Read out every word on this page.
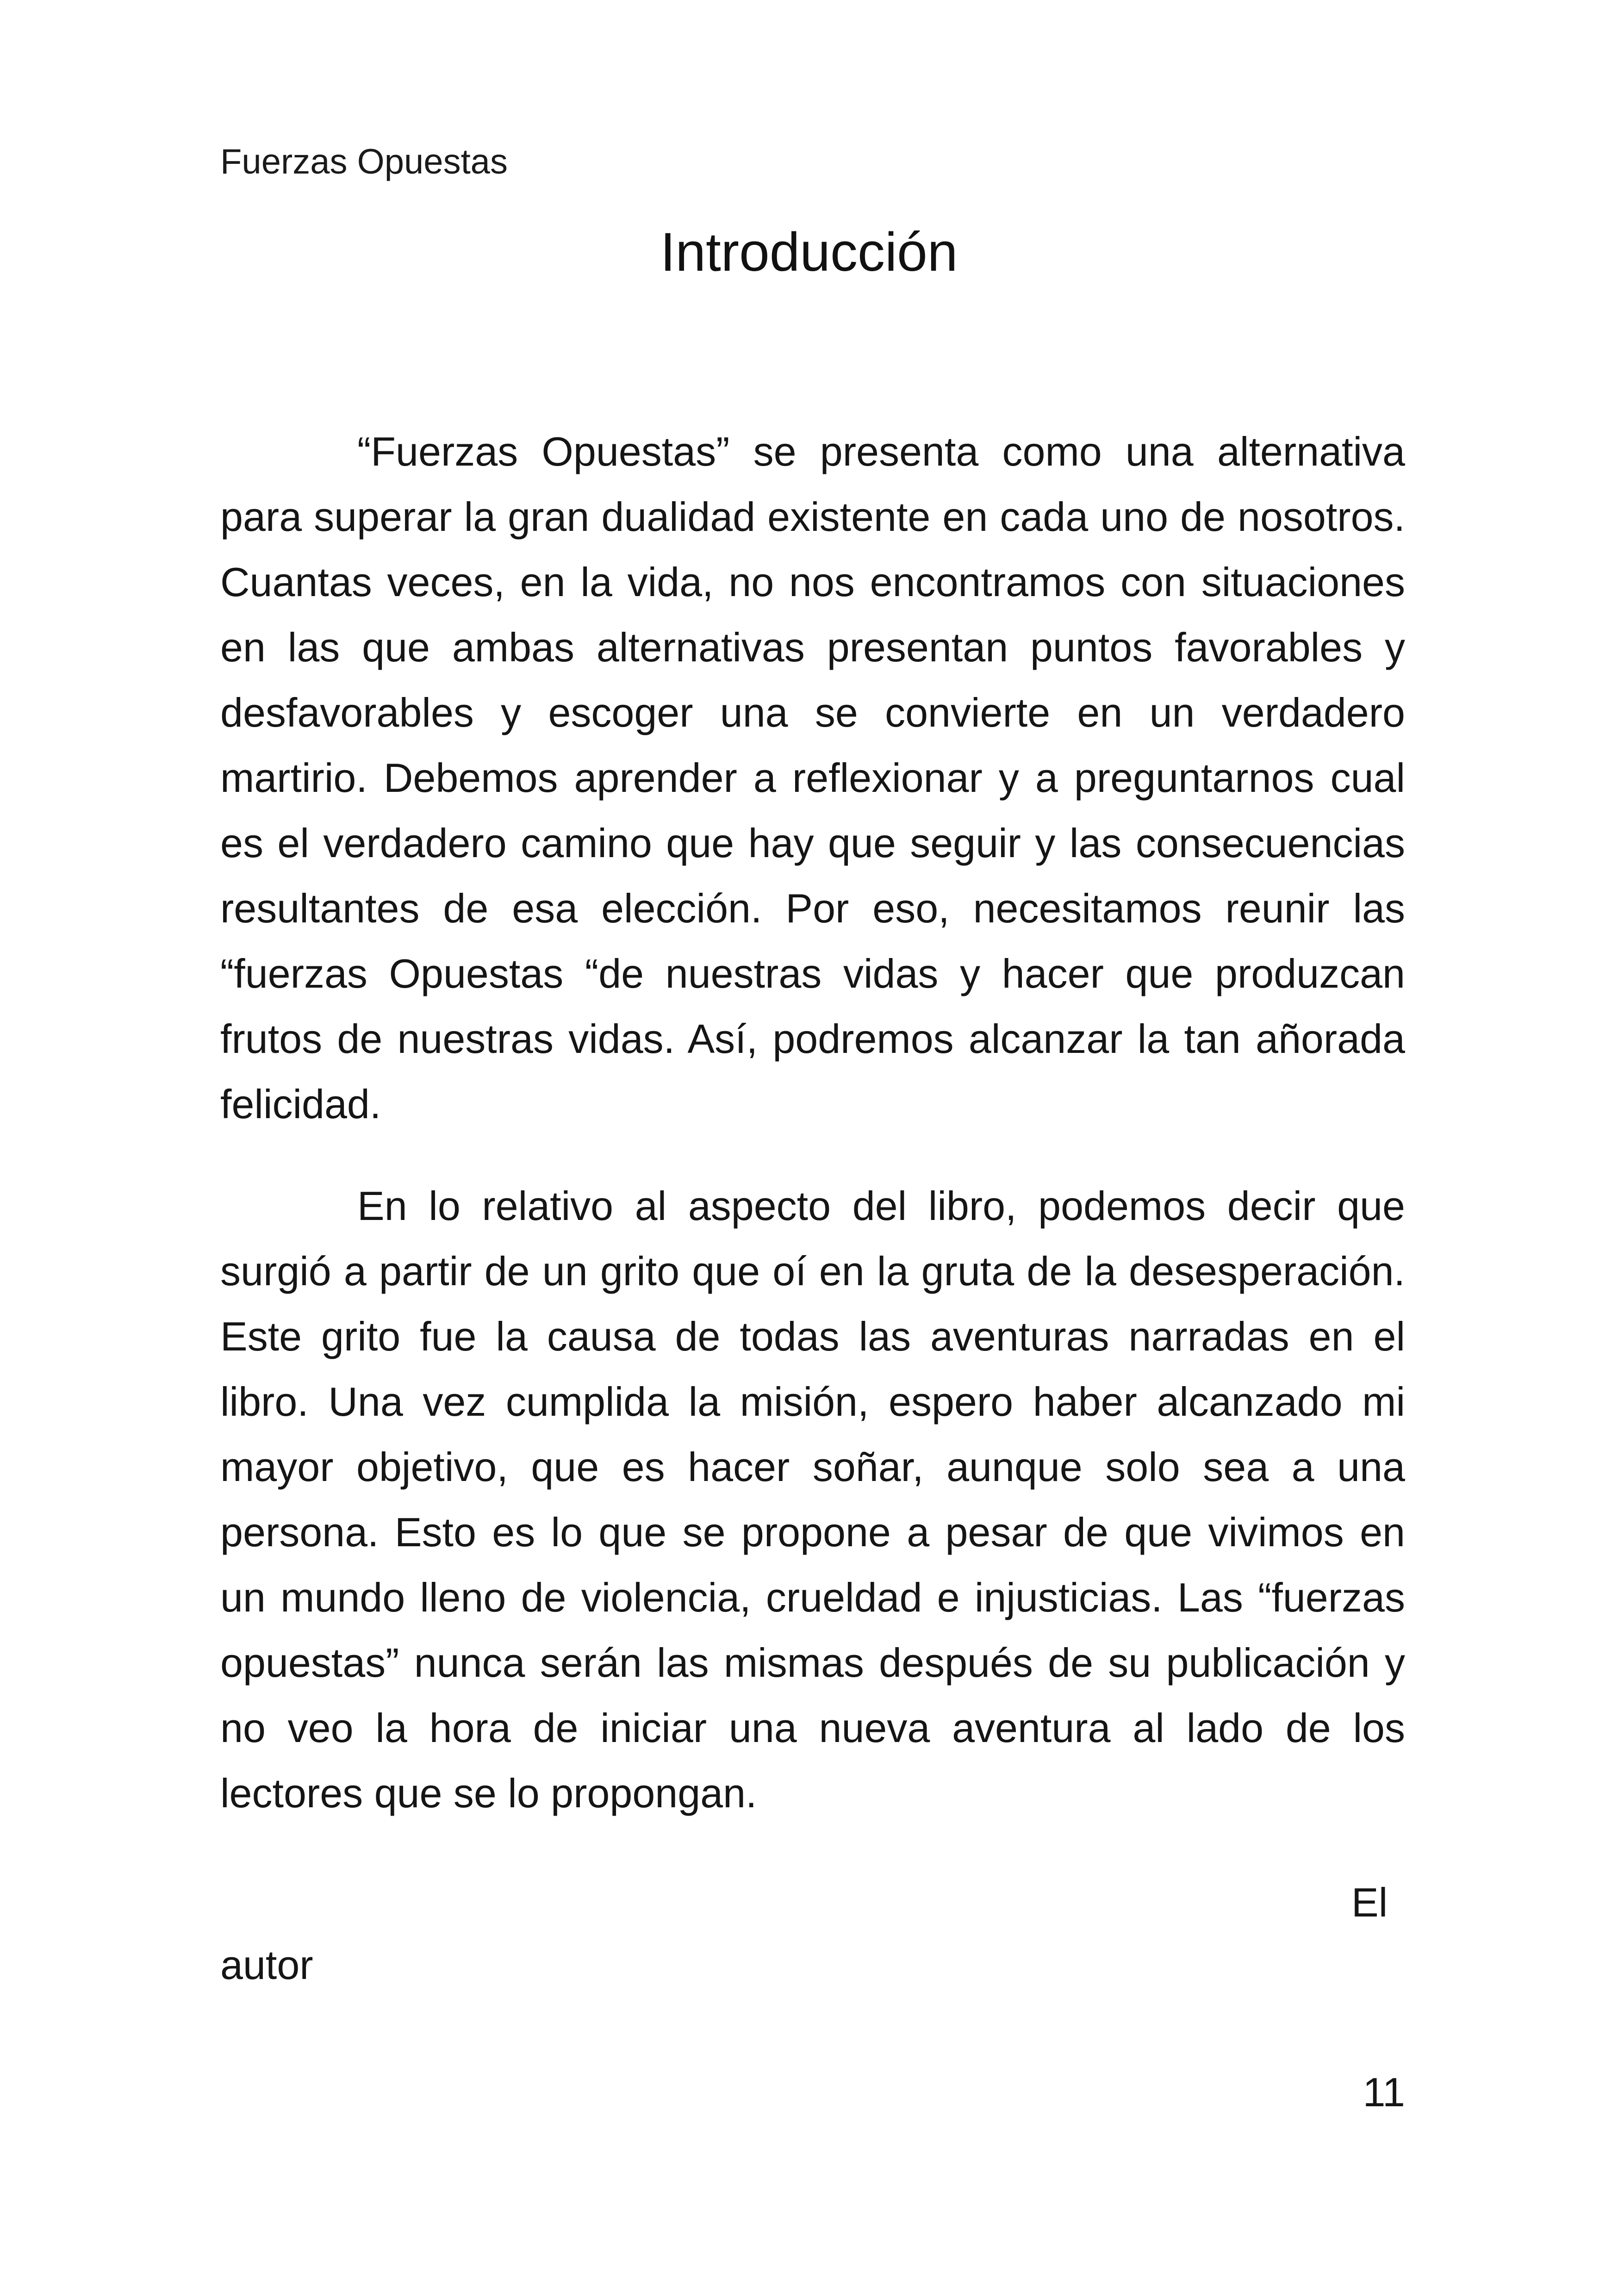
Fuerzas Opuestas
Introducción

“Fuerzas Opuestas” se presenta como una alternativa para superar la gran dualidad existente en cada uno de nosotros. Cuantas veces, en la vida, no nos encontramos con situaciones en las que ambas alternativas presentan puntos favorables y desfavorables y escoger una se convierte en un verdadero martirio. Debemos aprender a reflexionar y a preguntarnos cual es el verdadero camino que hay que seguir y las consecuencias resultantes de esa elección. Por eso, necesitamos reunir las “fuerzas Opuestas “de nuestras vidas y hacer que produzcan frutos de nuestras vidas. Así, podremos alcanzar la tan añorada felicidad.

En lo relativo al aspecto del libro, podemos decir que surgió a partir de un grito que oí en la gruta de la desesperación. Este grito fue la causa de todas las aventuras narradas en el libro. Una vez cumplida la misión, espero haber alcanzado mi mayor objetivo, que es hacer soñar, aunque solo sea a una persona. Esto es lo que se propone a pesar de que vivimos en un mundo lleno de violencia, crueldad e injusticias. Las “fuerzas opuestas” nunca serán las mismas después de su publicación y no veo la hora de iniciar una nueva aventura al lado de los lectores que se lo propongan.

El
autor
11
